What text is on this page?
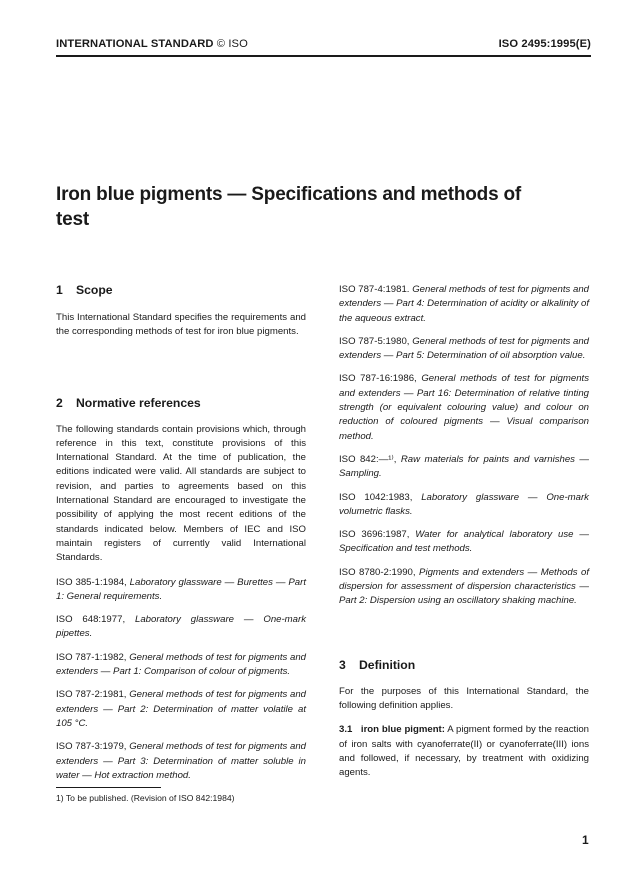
INTERNATIONAL STANDARD © ISO	ISO 2495:1995(E)
Iron blue pigments — Specifications and methods of test
1 Scope

This International Standard specifies the requirements and the corresponding methods of test for iron blue pigments.

2 Normative references

The following standards contain provisions which, through reference in this text, constitute provisions of this International Standard. At the time of publication, the editions indicated were valid. All standards are subject to revision, and parties to agreements based on this International Standard are encouraged to investigate the possibility of applying the most recent editions of the standards indicated below. Members of IEC and ISO maintain registers of currently valid International Standards.

ISO 385-1:1984, Laboratory glassware — Burettes — Part 1: General requirements.

ISO 648:1977, Laboratory glassware — One-mark pipettes.

ISO 787-1:1982, General methods of test for pigments and extenders — Part 1: Comparison of colour of pigments.

ISO 787-2:1981, General methods of test for pigments and extenders — Part 2: Determination of matter volatile at 105 °C.

ISO 787-3:1979, General methods of test for pigments and extenders — Part 3: Determination of matter soluble in water — Hot extraction method.

ISO 787-4:1981. General methods of test for pigments and extenders — Part 4: Determination of acidity or alkalinity of the aqueous extract.

ISO 787-5:1980, General methods of test for pigments and extenders — Part 5: Determination of oil absorption value.

ISO 787-16:1986, General methods of test for pigments and extenders — Part 16: Determination of relative tinting strength (or equivalent colouring value) and colour on reduction of coloured pigments — Visual comparison method.

ISO 842:—¹⁾, Raw materials for paints and varnishes — Sampling.

ISO 1042:1983, Laboratory glassware — One-mark volumetric flasks.

ISO 3696:1987, Water for analytical laboratory use — Specification and test methods.

ISO 8780-2:1990, Pigments and extenders — Methods of dispersion for assessment of dispersion characteristics — Part 2: Dispersion using an oscillatory shaking machine.

3 Definition

For the purposes of this International Standard, the following definition applies.

3.1 iron blue pigment: A pigment formed by the reaction of iron salts with cyanoferrate(II) or cyanoferrate(III) ions and followed, if necessary, by treatment with oxidizing agents.

1) To be published. (Revision of ISO 842:1984)
1
